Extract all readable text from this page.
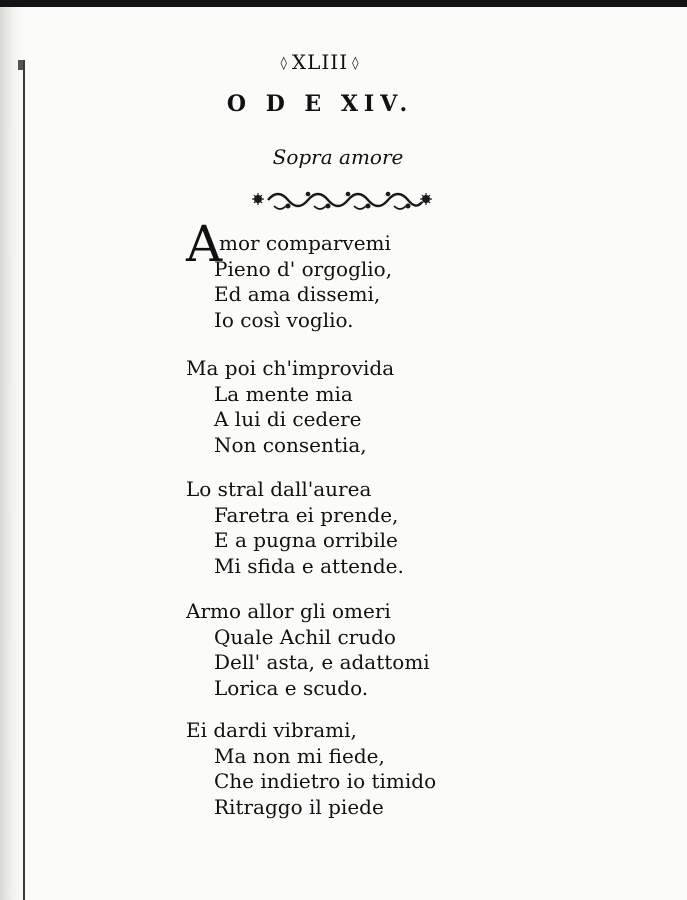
◊ XLIII ◊
O D E XIV.
Sopra amore
A
mor comparvemi
Pieno d' orgoglio,
Ed ama dissemi,
Io così voglio.
Ma poi ch'improvida
La mente mia
A lui di cedere
Non consentia,
Lo stral dall'aurea
Faretra ei prende,
E a pugna orribile
Mi sfida e attende.
Armo allor gli omeri
Quale Achil crudo
Dell' asta, e adattomi
Lorica e scudo.
Ei dardi vibrami,
Ma non mi fiede,
Che indietro io timido
Ritraggo il piede
